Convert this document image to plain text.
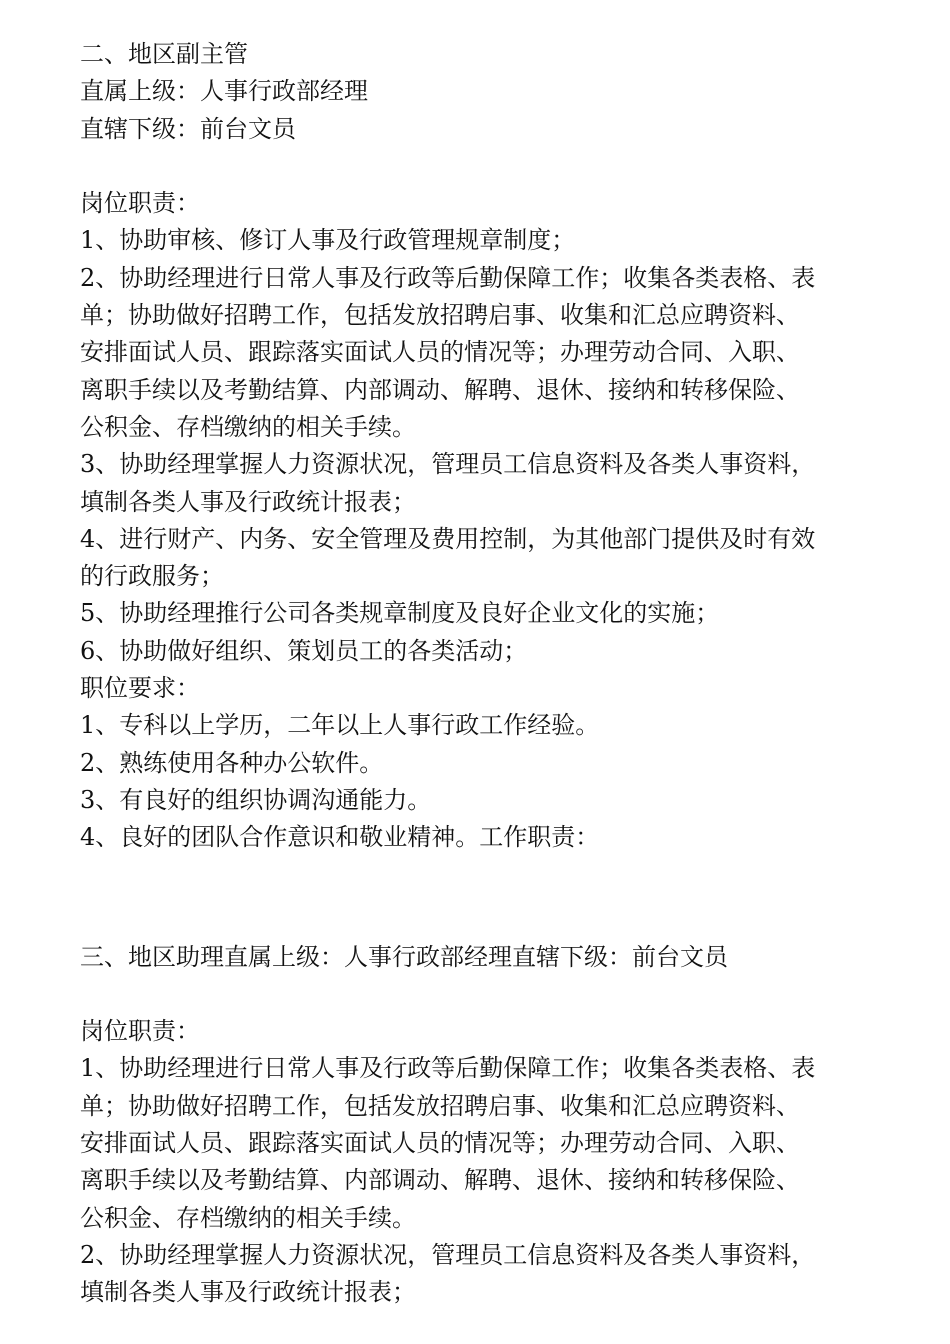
二、地区副主管
直属上级：人事行政部经理
直辖下级：前台文员
岗位职责：
1、协助审核、修订人事及行政管理规章制度；
2、协助经理进行日常人事及行政等后勤保障工作；收集各类表格、表
单；协助做好招聘工作，包括发放招聘启事、收集和汇总应聘资料、
安排面试人员、跟踪落实面试人员的情况等；办理劳动合同、入职、
离职手续以及考勤结算、内部调动、解聘、退休、接纳和转移保险、
公积金、存档缴纳的相关手续。
3、协助经理掌握人力资源状况，管理员工信息资料及各类人事资料，
填制各类人事及行政统计报表；
4、进行财产、内务、安全管理及费用控制，为其他部门提供及时有效
的行政服务；
5、协助经理推行公司各类规章制度及良好企业文化的实施；
6、协助做好组织、策划员工的各类活动；
职位要求：
1、专科以上学历，二年以上人事行政工作经验。
2、熟练使用各种办公软件。
3、有良好的组织协调沟通能力。
4、良好的团队合作意识和敬业精神。工作职责：
三、地区助理直属上级：人事行政部经理直辖下级：前台文员
岗位职责：
1、协助经理进行日常人事及行政等后勤保障工作；收集各类表格、表
单；协助做好招聘工作，包括发放招聘启事、收集和汇总应聘资料、
安排面试人员、跟踪落实面试人员的情况等；办理劳动合同、入职、
离职手续以及考勤结算、内部调动、解聘、退休、接纳和转移保险、
公积金、存档缴纳的相关手续。
2、协助经理掌握人力资源状况，管理员工信息资料及各类人事资料，
填制各类人事及行政统计报表；
